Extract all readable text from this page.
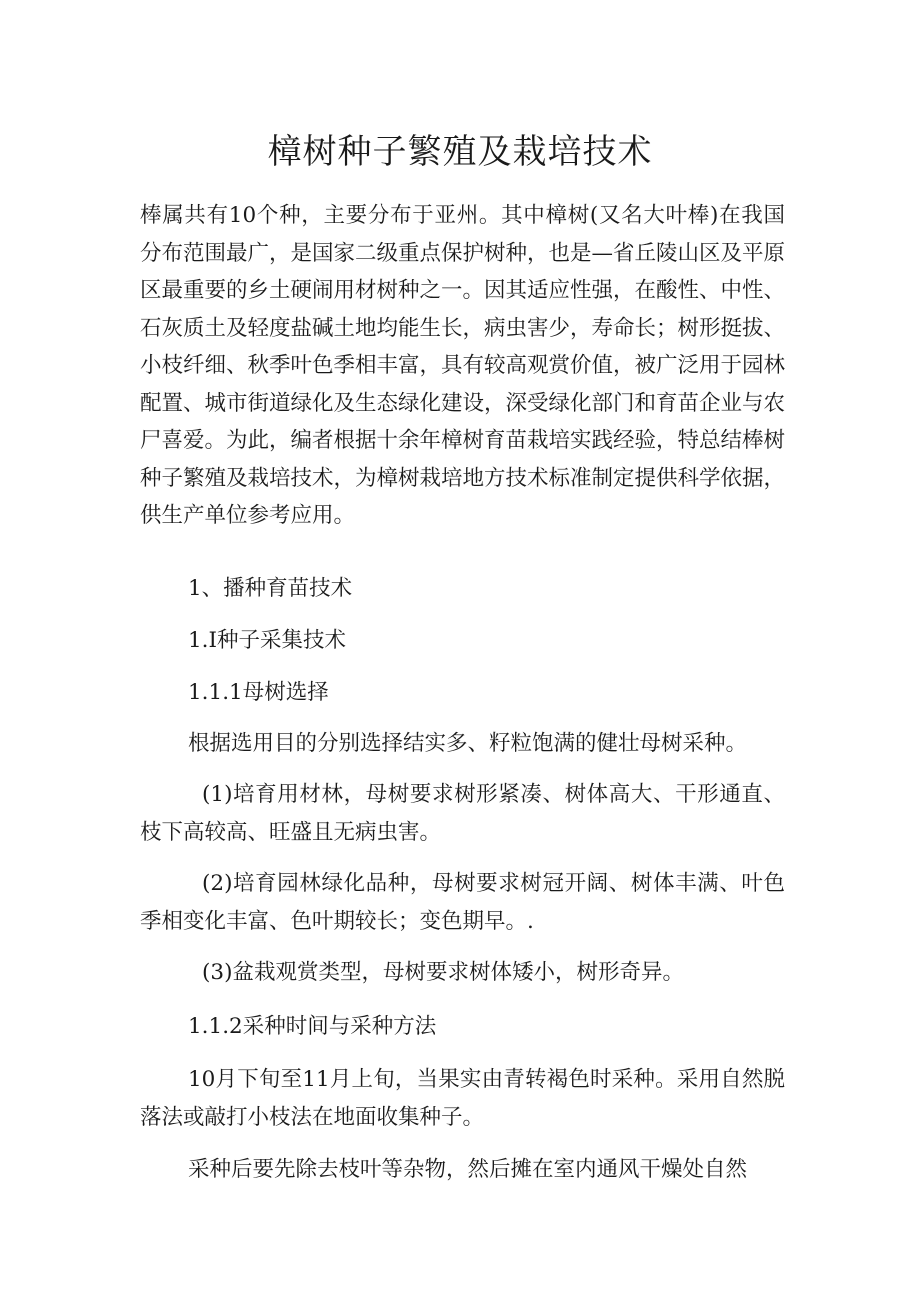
樟树种子繁殖及栽培技术

棒属共有10个种，主要分布于亚州。其中樟树(又名大叶棒)在我国分布范围最广，是国家二级重点保护树种，也是—省丘陵山区及平原区最重要的乡土硬闹用材树种之一。因其适应性强，在酸性、中性、石灰质土及轻度盐碱土地均能生长，病虫害少，寿命长；树形挺拔、小枝纤细、秋季叶色季相丰富，具有较高观赏价值，被广泛用于园林配置、城市街道绿化及生态绿化建设，深受绿化部门和育苗企业与农尸喜爱。为此，编者根据十余年樟树育苗栽培实践经验，特总结棒树种子繁殖及栽培技术，为樟树栽培地方技术标准制定提供科学依据，供生产单位参考应用。

1、播种育苗技术

1.I种子采集技术

1.1.1母树选择

根据选用目的分别选择结实多、籽粒饱满的健壮母树采种。

(1)培育用材林，母树要求树形紧凑、树体高大、干形通直、枝下高较高、旺盛且无病虫害。

(2)培育园林绿化品种，母树要求树冠开阔、树体丰满、叶色季相变化丰富、色叶期较长；变色期早。.

(3)盆栽观赏类型，母树要求树体矮小，树形奇异。

1.1.2采种时间与采种方法

10月下旬至11月上旬，当果实由青转褐色时采种。采用自然脱落法或敲打小枝法在地面收集种子。

采种后要先除去枝叶等杂物，然后摊在室内通风干燥处自然
